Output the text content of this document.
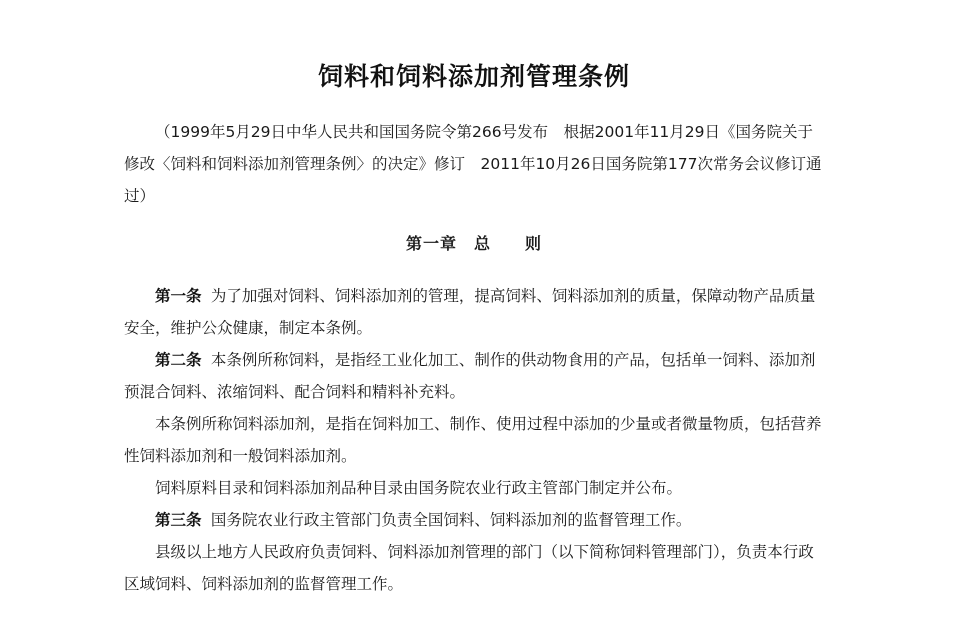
饲料和饲料添加剂管理条例

（1999年5月29日中华人民共和国国务院令第266号发布　根据2001年11月29日《国务院关于修改〈饲料和饲料添加剂管理条例〉的决定》修订　2011年10月26日国务院第177次常务会议修订通过）

第一章　总　　则

第一条 为了加强对饲料、饲料添加剂的管理，提高饲料、饲料添加剂的质量，保障动物产品质量安全，维护公众健康，制定本条例。

第二条 本条例所称饲料，是指经工业化加工、制作的供动物食用的产品，包括单一饲料、添加剂预混合饲料、浓缩饲料、配合饲料和精料补充料。

本条例所称饲料添加剂，是指在饲料加工、制作、使用过程中添加的少量或者微量物质，包括营养性饲料添加剂和一般饲料添加剂。

饲料原料目录和饲料添加剂品种目录由国务院农业行政主管部门制定并公布。

第三条 国务院农业行政主管部门负责全国饲料、饲料添加剂的监督管理工作。

县级以上地方人民政府负责饲料、饲料添加剂管理的部门（以下简称饲料管理部门），负责本行政区域饲料、饲料添加剂的监督管理工作。
